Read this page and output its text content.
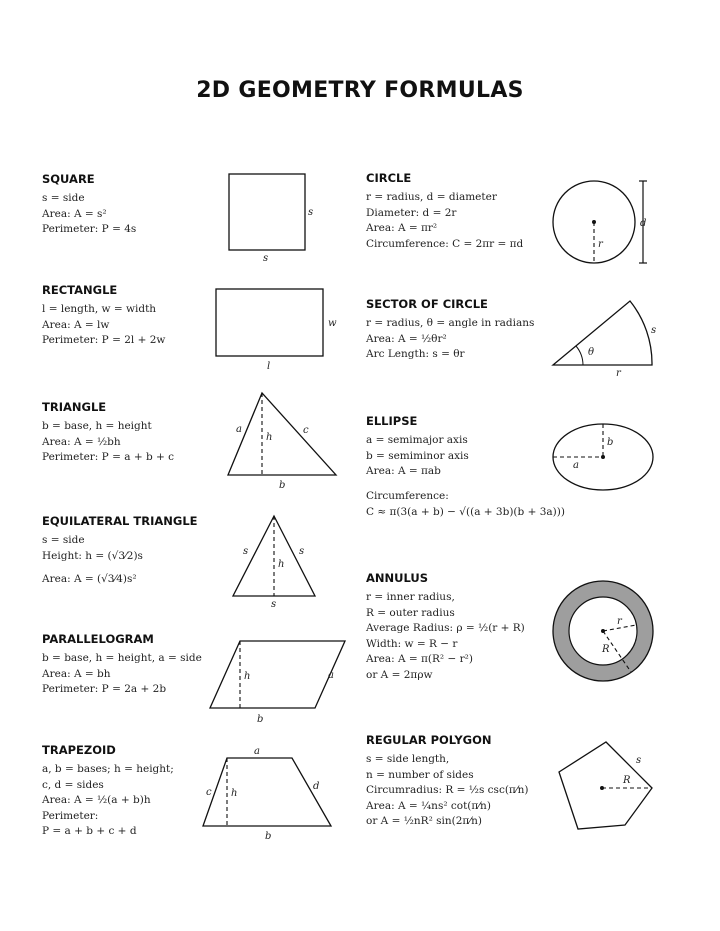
2D GEOMETRY FORMULAS
SQUARE
s = side
Area: A = s²
Perimeter: P = 4s
s
s
RECTANGLE
l = length, w = width
Area: A = lw
Perimeter: P = 2l + 2w
w
l
TRIANGLE
b = base, h = height
Area: A = ½bh
Perimeter: P = a + b + c
a	c
h
b
EQUILATERAL TRIANGLE
s = side
Height: h = (√3⁄2)s
Area: A = (√3⁄4)s²
s	s
h
s
PARALLELOGRAM
b = base, h = height, a = side
Area: A = bh
Perimeter: P = 2a + 2b
h	a
b
TRAPEZOID
a, b = bases; h = height;
c, d = sides
Area: A = ½(a + b)h
Perimeter:
P = a + b + c + d
a
c h
d
b
CIRCLE
r = radius, d = diameter
Diameter: d = 2r
Area: A = πr²
Circumference: C = 2πr = πd	r
d
SECTOR OF CIRCLE
r = radius, θ = angle in radians
Area: A = ½θr²
Arc Length: s = θr	θ
s
r
ELLIPSE
a = semimajor axis
b = semiminor axis
Area: A = πab
Circumference:
C ≈ π(3(a + b) − √((a + 3b)(b + 3a)))
a
b
ANNULUS
r = inner radius,
R = outer radius
Average Radius: ρ = ½(r + R)
Width: w = R − r
Area: A = π(R² − r²)
or A = 2πρw
r
R
REGULAR POLYGON
s = side length,
n = number of sides
Circumradius: R = ½s csc(π⁄n)
Area: A = ¼ns² cot(π⁄n)
or A = ½nR² sin(2π⁄n)
R
s
